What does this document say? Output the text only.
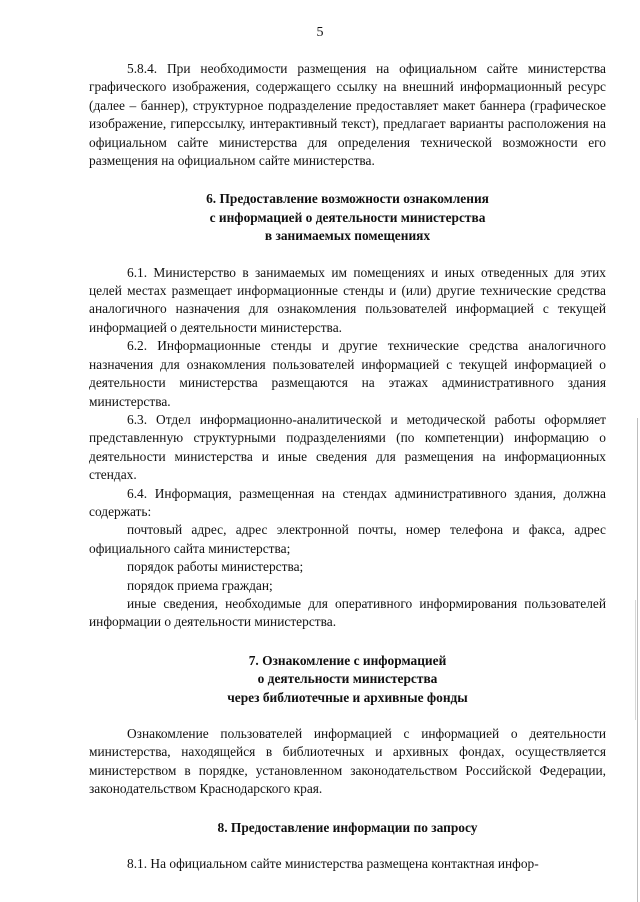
5

5.8.4. При необходимости размещения на официальном сайте министерства графического изображения, содержащего ссылку на внешний информационный ресурс (далее – баннер), структурное подразделение предоставляет макет баннера (графическое изображение, гиперссылку, интерактивный текст), предлагает варианты расположения на официальном сайте министерства для определения технической возможности его размещения на официальном сайте министерства.

6. Предоставление возможности ознакомления

с информацией о деятельности министерства

в занимаемых помещениях

6.1. Министерство в занимаемых им помещениях и иных отведенных для этих целей местах размещает информационные стенды и (или) другие технические средства аналогичного назначения для ознакомления пользователей информацией с текущей информацией о деятельности министерства.

6.2. Информационные стенды и другие технические средства аналогичного назначения для ознакомления пользователей информацией с текущей информацией о деятельности министерства размещаются на этажах административного здания министерства.

6.3. Отдел информационно-аналитической и методической работы оформляет представленную структурными подразделениями (по компетенции) информацию о деятельности министерства и иные сведения для размещения на информационных стендах.

6.4. Информация, размещенная на стендах административного здания, должна содержать:

почтовый адрес, адрес электронной почты, номер телефона и факса, адрес официального сайта министерства;

порядок работы министерства;

порядок приема граждан;

иные сведения, необходимые для оперативного информирования пользователей информации о деятельности министерства.

7. Ознакомление с информацией

о деятельности министерства

через библиотечные и архивные фонды

Ознакомление пользователей информацией с информацией о деятельности министерства, находящейся в библиотечных и архивных фондах, осуществляется министерством в порядке, установленном законодательством Российской Федерации, законодательством Краснодарского края.

8. Предоставление информации по запросу

8.1. На официальном сайте министерства размещена контактная инфор-
